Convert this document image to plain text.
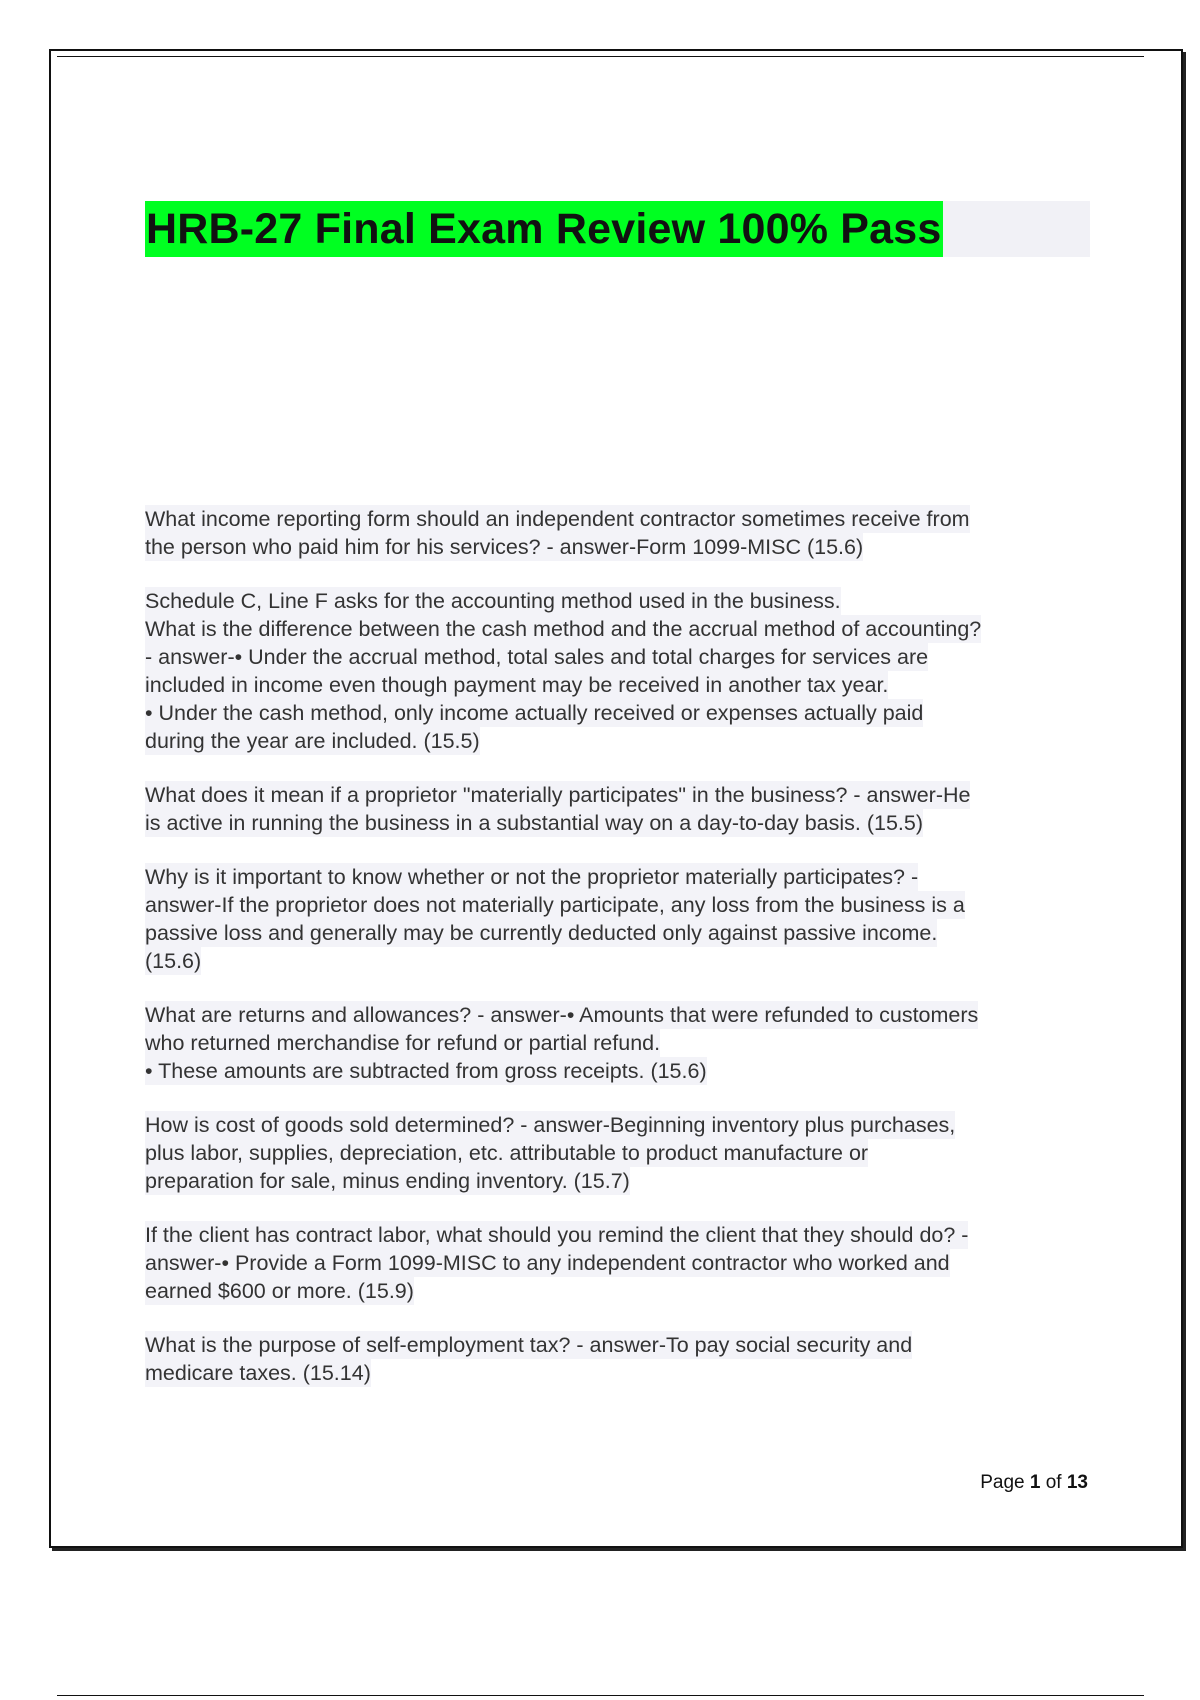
HRB-27 Final Exam Review 100% Pass
What income reporting form should an independent contractor sometimes receive from
the person who paid him for his services? - answer-Form 1099-MISC (15.6)
Schedule C, Line F asks for the accounting method used in the business.
What is the difference between the cash method and the accrual method of accounting?
- answer-• Under the accrual method, total sales and total charges for services are
included in income even though payment may be received in another tax year.
• Under the cash method, only income actually received or expenses actually paid
during the year are included. (15.5)
What does it mean if a proprietor "materially participates" in the business? - answer-He
is active in running the business in a substantial way on a day-to-day basis. (15.5)
Why is it important to know whether or not the proprietor materially participates? -
answer-If the proprietor does not materially participate, any loss from the business is a
passive loss and generally may be currently deducted only against passive income.
(15.6)
What are returns and allowances? - answer-• Amounts that were refunded to customers
who returned merchandise for refund or partial refund.
• These amounts are subtracted from gross receipts. (15.6)
How is cost of goods sold determined? - answer-Beginning inventory plus purchases,
plus labor, supplies, depreciation, etc. attributable to product manufacture or
preparation for sale, minus ending inventory. (15.7)
If the client has contract labor, what should you remind the client that they should do? -
answer-• Provide a Form 1099-MISC to any independent contractor who worked and
earned $600 or more. (15.9)
What is the purpose of self-employment tax? - answer-To pay social security and
medicare taxes. (15.14)
Page 1 of 13
